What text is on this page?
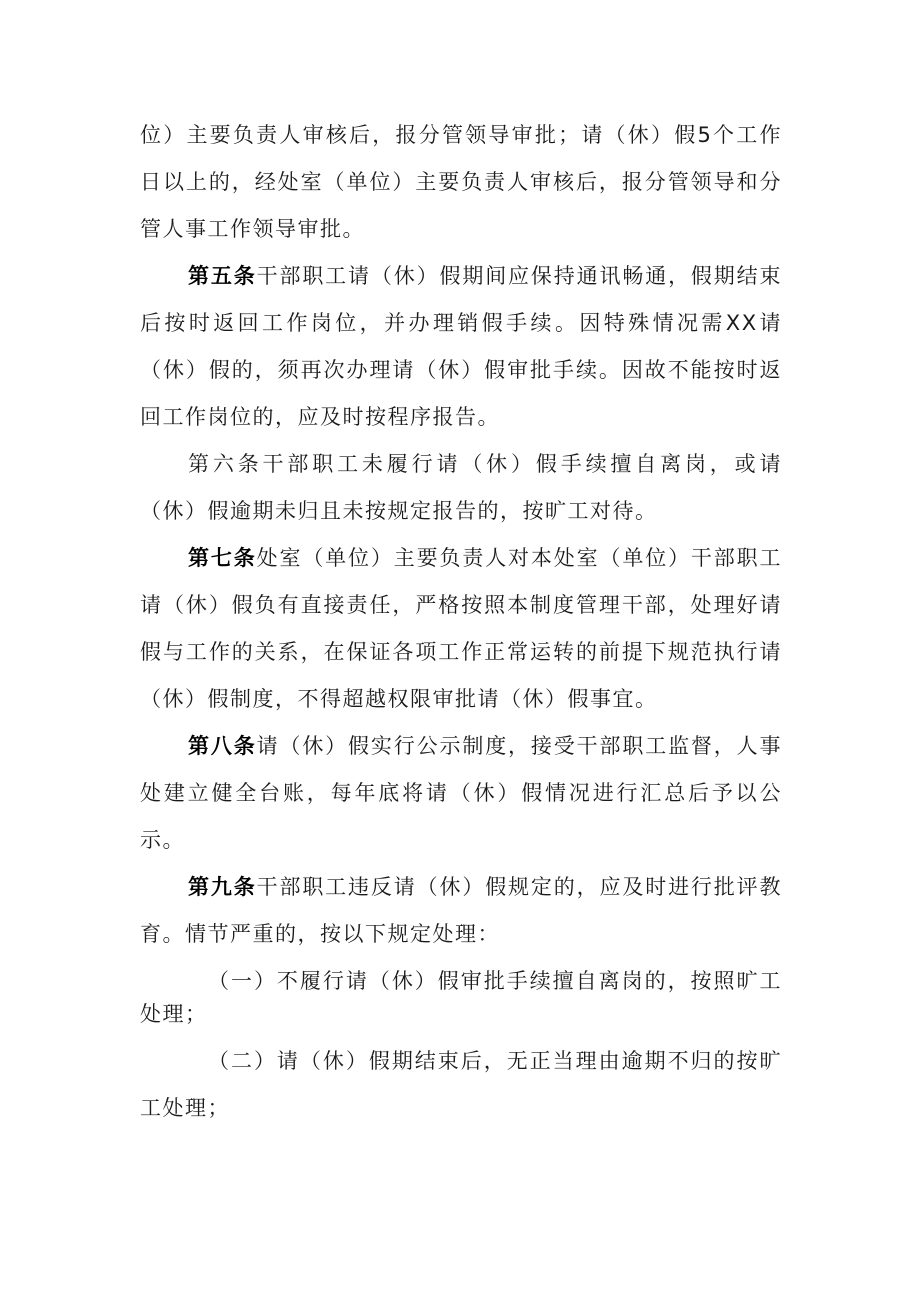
位）主要负责人审核后，报分管领导审批；请（休）假5个工作日以上的，经处室（单位）主要负责人审核后，报分管领导和分管人事工作领导审批。

第五条干部职工请（休）假期间应保持通讯畅通，假期结束后按时返回工作岗位，并办理销假手续。因特殊情况需XX请（休）假的，须再次办理请（休）假审批手续。因故不能按时返回工作岗位的，应及时按程序报告。

第六条干部职工未履行请（休）假手续擅自离岗，或请（休）假逾期未归且未按规定报告的，按旷工对待。

第七条处室（单位）主要负责人对本处室（单位）干部职工请（休）假负有直接责任，严格按照本制度管理干部，处理好请假与工作的关系，在保证各项工作正常运转的前提下规范执行请（休）假制度，不得超越权限审批请（休）假事宜。

第八条请（休）假实行公示制度，接受干部职工监督，人事处建立健全台账，每年底将请（休）假情况进行汇总后予以公示。

第九条干部职工违反请（休）假规定的，应及时进行批评教育。情节严重的，按以下规定处理：

（一）不履行请（休）假审批手续擅自离岗的，按照旷工处理；

（二）请（休）假期结束后，无正当理由逾期不归的按旷工处理；
